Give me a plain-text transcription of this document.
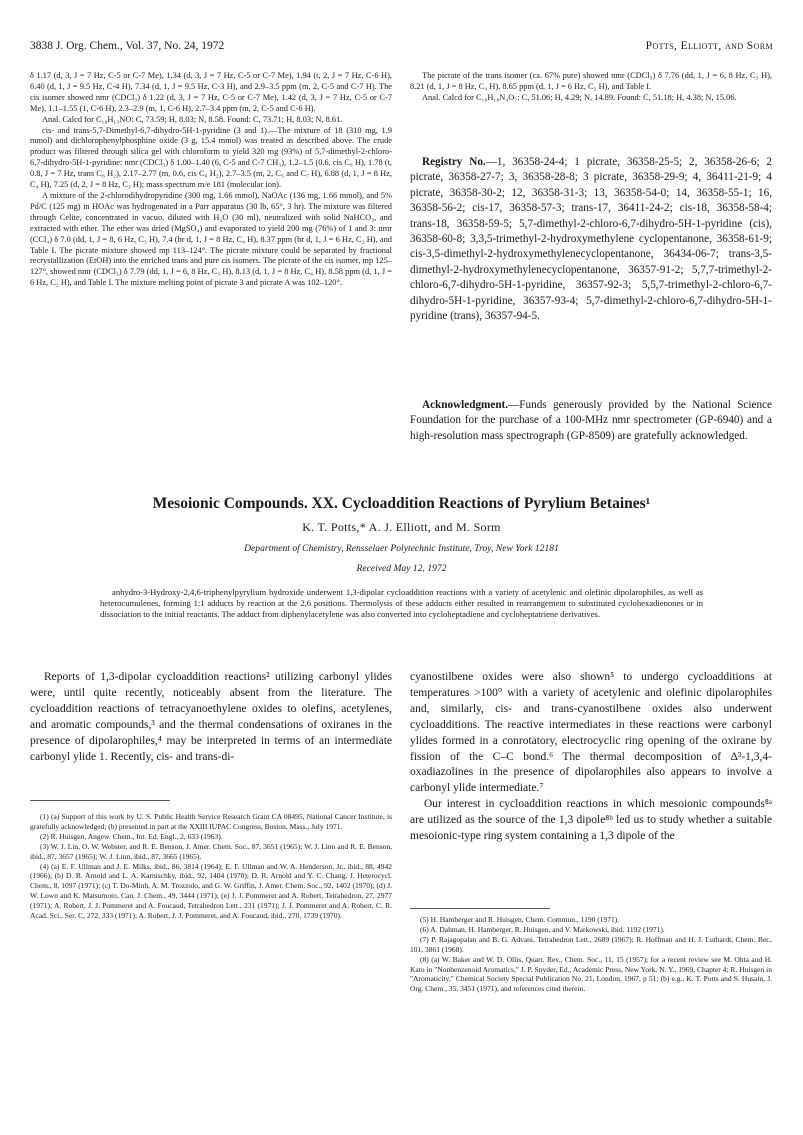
3838 J. Org. Chem., Vol. 37, No. 24, 1972	Potts, Elliott, and Sorm

δ 1.17 (d, 3, J = 7 Hz, C-5 or C-7 Me), 1.34 (d, 3, J = 7 Hz, C-5 or C-7 Me), 1.94 (t, 2, J = 7 Hz, C-6 H), 6.40 (d, 1, J = 9.5 Hz, C-4 H), 7.34 (d, 1, J = 9.5 Hz, C-3 H), and 2.9–3.5 ppm (m, 2, C-5 and C-7 H). The cis isomer showed nmr (CDCl₃) δ 1.22 (d, 3, J = 7 Hz, C-5 or C-7 Me), 1.42 (d, 3, J = 7 Hz, C-5 or C-7 Me), 1.1–1.55 (1, C-6 H), 2.3–2.9 (m, 1, C-6 H), 2.7–3.4 ppm (m, 2, C-5 and C-6 H).

Anal. Calcd for C₁₀H₁₃NO: C, 73.59; H, 8.03; N, 8.58. Found: C, 73.71; H, 8.03; N, 8.61.

cis- and trans-5,7-Dimethyl-6,7-dihydro-5H-1-pyridine (3 and 1).—The mixture of 18 (310 mg, 1.9 mmol) and dichlorophenylphosphine oxide (3 g, 15.4 mmol) was treated as described above. The crude product was filtered through silica gel with chloroform to yield 320 mg (93%) of 5,7-dimethyl-2-chloro-6,7-dihydro-5H-1-pyridine: nmr (CDCl₃) δ 1.00–1.40 (6, C-5 and C-7 CH₃), 1.2–1.5 (0.6, cis C₆ H), 1.78 (t, 0.8, J = 7 Hz, trans C₆ H₂), 2.17–2.77 (m, 0.6, cis C₆ H₂), 2.7–3.5 (m, 2, C₅ and C₇ H), 6.88 (d, 1, J = 8 Hz, C₄ H), 7.25 (d, 2, J = 8 Hz, C₃ H); mass spectrum m/e 181 (molecular ion).

A mixture of the 2-chlorodihydropyridine (300 mg, 1.66 mmol), NaOAc (136 mg, 1.66 mmol), and 5% Pd/C (125 mg) in HOAc was hydrogenated in a Parr apparatus (30 lb, 65°, 3 hr). The mixture was filtered through Celite, concentrated in vacuo, diluted with H₂O (30 ml), neutralized with solid NaHCO₃, and extracted with ether. The ether was dried (MgSO₄) and evaporated to yield 200 mg (76%) of 1 and 3: nmr (CCl₄) δ 7.0 (dd, 1, J = 8, 6 Hz, C₃ H), 7.4 (br d, 1, J = 8 Hz, C₄ H), 8.37 ppm (br d, 1, J = 6 Hz, C₂ H), and Table I. The picrate mixture showed mp 113–124°. The picrate mixture could be separated by fractional recrystallization (EtOH) into the enriched trans and pure cis isomers. The picrate of the cis isomer, mp 125–127°, showed nmr (CDCl₃) δ 7.79 (dd, 1, J = 6, 8 Hz, C₃ H), 8.13 (d, 1, J = 8 Hz, C₄ H), 8.58 ppm (d, 1, J = 6 Hz, C₂ H), and Table I. The mixture melting point of picrate 3 and picrate A was 102–120°.

The picrate of the trans isomer (ca. 67% pure) showed nmr (CDCl₃) δ 7.76 (dd, 1, J = 6, 8 Hz, C₃ H), 8.21 (d, 1, J = 8 Hz, C₄ H), 8.65 ppm (d, 1, J = 6 Hz, C₂ H), and Table I.

Anal. Calcd for C₁₆H₁₈N₄O₇: C, 51.06; H, 4.29; N, 14.89. Found: C, 51.18; H, 4.38; N, 15.06.

Registry No.—1, 36358-24-4; 1 picrate, 36358-25-5; 2, 36358-26-6; 2 picrate, 36358-27-7; 3, 36358-28-8; 3 picrate, 36358-29-9; 4, 36411-21-9; 4 picrate, 36358-30-2; 12, 36358-31-3; 13, 36358-54-0; 14, 36358-55-1; 16, 36358-56-2; cis-17, 36358-57-3; trans-17, 36411-24-2; cis-18, 36358-58-4; trans-18, 36358-59-5; 5,7-dimethyl-2-chloro-6,7-dihydro-5H-1-pyridine (cis), 36358-60-8; 3,3,5-trimethyl-2-hydroxymethylene cyclopentanone, 36358-61-9; cis-3,5-dimethyl-2-hydroxymethylenecyclopentanone, 36434-06-7; trans-3,5-dimethyl-2-hydroxymethylenecyclopentanone, 36357-91-2; 5,7,7-trimethyl-2-chloro-6,7-dihydro-5H-1-pyridine, 36357-92-3; 5,5,7-trimethyl-2-chloro-6,7-dihydro-5H-1-pyridine, 36357-93-4; 5,7-dimethyl-2-chloro-6,7-dihydro-5H-1-pyridine (trans), 36357-94-5.

Acknowledgment.—Funds generously provided by the National Science Foundation for the purchase of a 100-MHz nmr spectrometer (GP-6940) and a high-resolution mass spectrograph (GP-8509) are gratefully acknowledged.

Mesoionic Compounds. XX. Cycloaddition Reactions of Pyrylium Betaines¹
K. T. Potts,* A. J. Elliott, and M. Sorm
Department of Chemistry, Rensselaer Polytechnic Institute, Troy, New York 12181
Received May 12, 1972

anhydro-3-Hydroxy-2,4,6-triphenylpyrylium hydroxide underwent 1,3-dipolar cycloaddition reactions with a variety of acetylenic and olefinic dipolarophiles, as well as heterocumulenes, forming 1:1 adducts by reaction at the 2,6 positions. Thermolysis of these adducts either resulted in rearrangement to substituted cyclohexadienones or in dissociation to the initial reactants. The adduct from diphenylacetylene was also converted into cycloheptadiene and cycloheptatriene derivatives.

Reports of 1,3-dipolar cycloaddition reactions² utilizing carbonyl ylides were, until quite recently, noticeably absent from the literature. The cycloaddition reactions of tetracyanoethylene oxides to olefins, acetylenes, and aromatic compounds,³ and the thermal condensations of oxiranes in the presence of dipolarophiles,⁴ may be interpreted in terms of an intermediate carbonyl ylide 1. Recently, cis- and trans-di-

cyanostilbene oxides were also shown⁵ to undergo cycloadditions at temperatures >100° with a variety of acetylenic and olefinic dipolarophiles and, similarly, cis- and trans-cyanostilbene oxides also underwent cycloadditions. The reactive intermediates in these reactions were carbonyl ylides formed in a conrotatory, electrocyclic ring opening of the oxirane by fission of the C–C bond.⁶ The thermal decomposition of Δ³-1,3,4-oxadiazolines in the presence of dipolarophiles also appears to involve a carbonyl ylide intermediate.⁷

Our interest in cycloaddition reactions in which mesoionic compounds⁸ᵃ are utilized as the source of the 1,3 dipole⁸ᵇ led us to study whether a suitable mesoionic-type ring system containing a 1,3 dipole of the

(1) (a) Support of this work by U. S. Public Health Service Research Grant CA 08495, National Cancer Institute, is gratefully acknowledged; (b) presented in part at the XXIII IUPAC Congress, Boston, Mass., July 1971.

(2) R. Huisgen, Angew. Chem., Int. Ed. Engl., 2, 633 (1963).

(3) W. J. Lin, O. W. Webster, and R. E. Benson, J. Amer. Chem. Soc., 87, 3651 (1965); W. J. Linn and R. E. Benson, ibid., 87, 3657 (1965); W. J. Linn, ibid., 87, 3665 (1965).

(4) (a) E. F. Ullman and J. E. Milks, ibid., 86, 3814 (1964); E. F. Ullman and W. A. Henderson, Jr., ibid., 88, 4942 (1966); (b) D. R. Arnold and L. A. Karnischky, ibid., 92, 1404 (1970); D. R. Arnold and Y. C. Chang, J. Heterocycl. Chem., 8, 1097 (1971); (c) T. Do-Minh, A. M. Trozzolo, and G. W. Griffin, J. Amer. Chem. Soc., 92, 1402 (1970); (d) J. W. Lown and K. Matsumoto, Can. J. Chem., 49, 3444 (1971); (e) J. J. Pommeret and A. Robert, Tetrahedron, 27, 2977 (1971); A. Robert, J. J. Pommeret and A. Foucaud, Tetrahedron Lett., 231 (1971); J. J. Pommeret and A. Robert, C. R. Acad. Sci., Ser. C, 272, 333 (1971); A. Robert, J. J. Pommeret, and A. Foucaud, ibid., 270, 1739 (1970).	(5) H. Hamberger and R. Huisgen, Chem. Commun., 1190 (1971).

(6) A. Dahman, H. Hamberger, R. Huisgen, and V. Markowski, ibid. 1192 (1971).

(7) P. Rajagopalan and B. G. Advani, Tetrahedron Lett., 2689 (1967); R. Hoffman and H. J. Luthardt, Chem. Ber., 101, 3861 (1968).

(8) (a) W. Baker and W. D. Ollis, Quart. Rev., Chem. Soc., 11, 15 (1957); for a recent review see M. Ohta and H. Kato in "Nonbenzenoid Aromatics," J. P. Snyder, Ed., Academic Press, New York, N. Y., 1969, Chapter 4; R. Huisgen in "Aromaticity," Chemical Society Special Publication No. 21, London, 1967, p 51; (b) e.g., K. T. Potts and S. Husain, J. Org. Chem., 35, 3451 (1971), and references cited therein.
